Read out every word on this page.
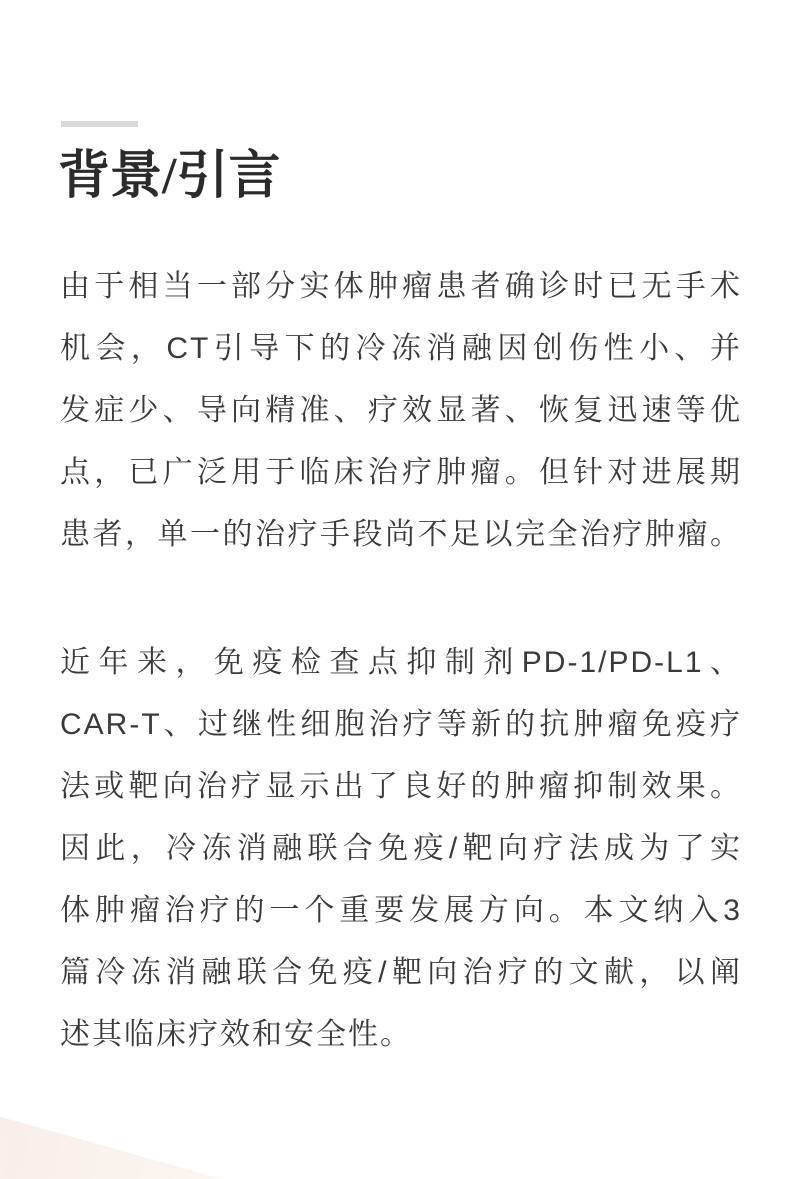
背景/引言
由于相当一部分实体肿瘤患者确诊时已无手术
机会，CT引导下的冷冻消融因创伤性小、并
发症少、导向精准、疗效显著、恢复迅速等优
点，已广泛用于临床治疗肿瘤。但针对进展期
患者，单一的治疗手段尚不足以完全治疗肿瘤。
近年来，免疫检查点抑制剂PD-1/PD-L1、
CAR-T、过继性细胞治疗等新的抗肿瘤免疫疗
法或靶向治疗显示出了良好的肿瘤抑制效果。
因此，冷冻消融联合免疫/靶向疗法成为了实
体肿瘤治疗的一个重要发展方向。本文纳入3
篇冷冻消融联合免疫/靶向治疗的文献，以阐
述其临床疗效和安全性。
